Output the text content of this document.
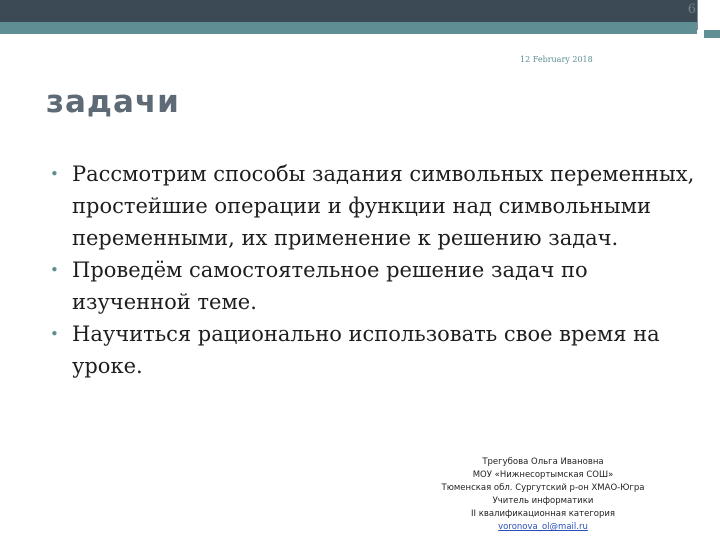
6
12 February 2018
задачи
• Рассмотрим способы задания символьных переменных, простейшие операции и функции над символьными переменными, их применение к решению задач.
• Проведём самостоятельное решение задач по изученной теме.
• Научиться рационально использовать свое время на уроке.
Трегубова Ольга Ивановна
МОУ «Нижнесортымская СОШ»
Тюменская обл. Сургутский р-он ХМАО-Югра
Учитель информатики
II квалификационная категория
voronova_ol@mail.ru
